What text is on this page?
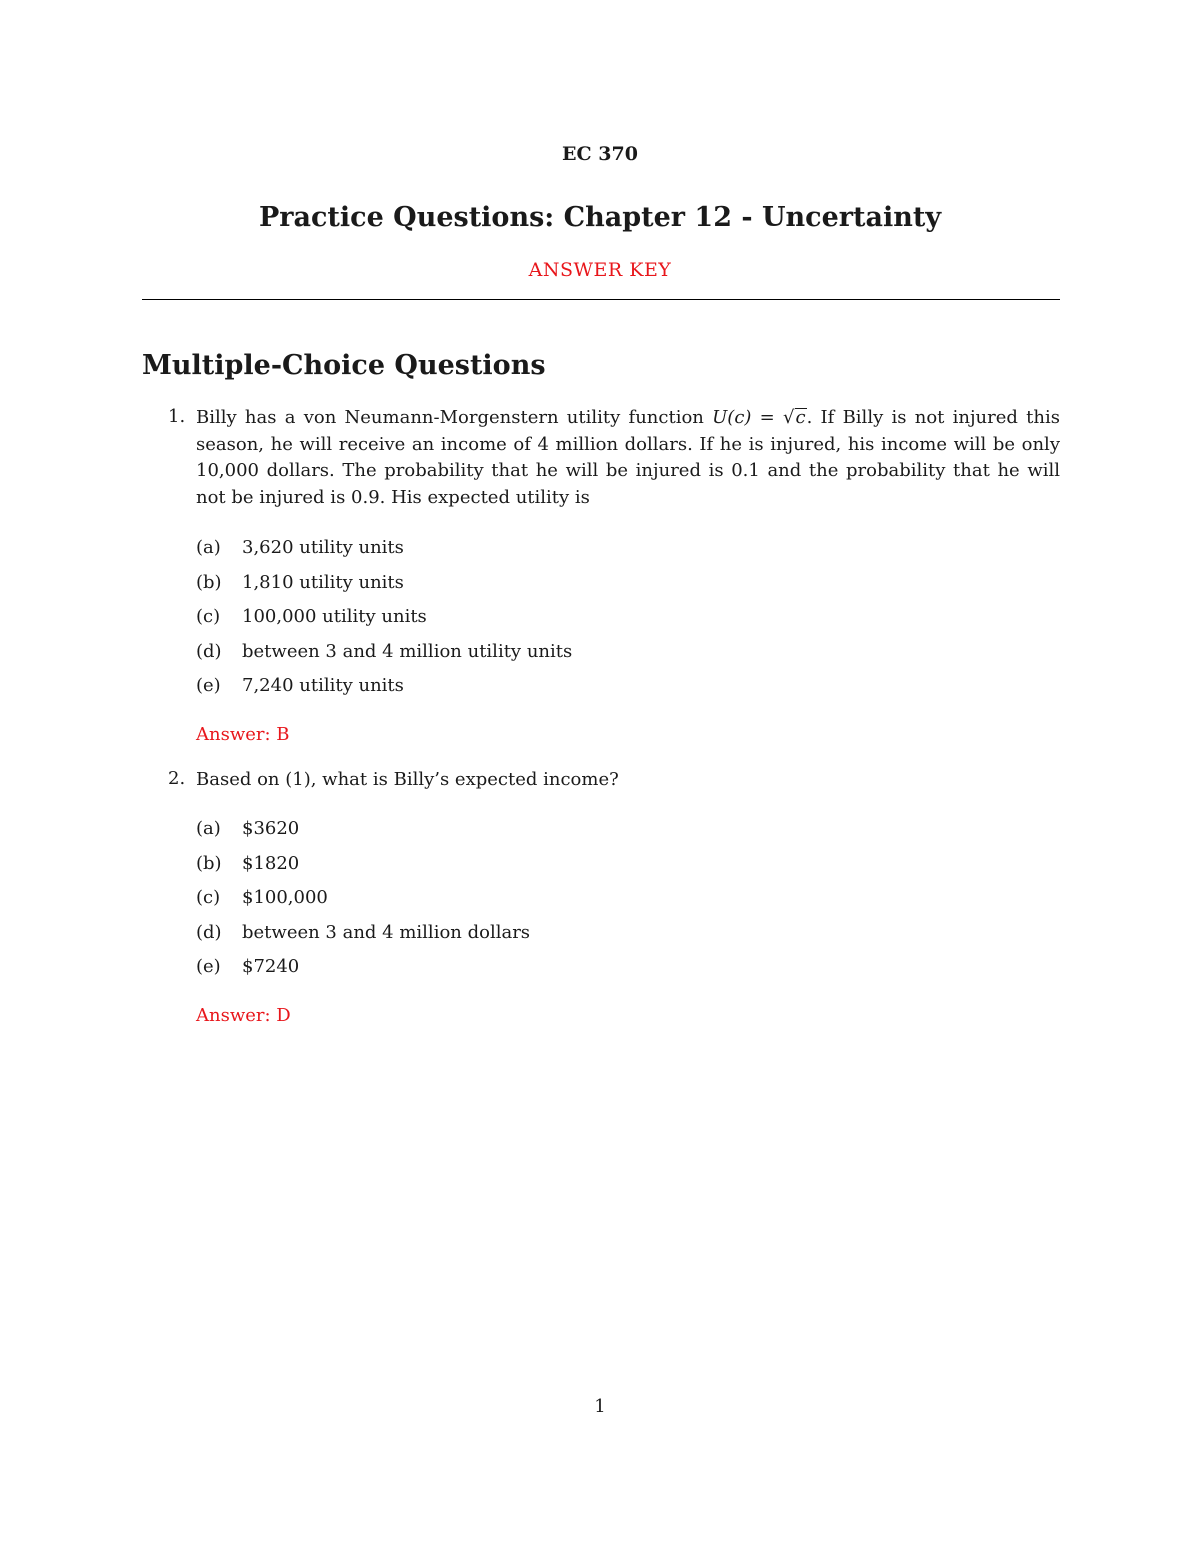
EC 370
Practice Questions: Chapter 12 - Uncertainty
ANSWER KEY
Multiple-Choice Questions
1. Billy has a von Neumann-Morgenstern utility function U(c) = √c. If Billy is not injured this season, he will receive an income of 4 million dollars. If he is injured, his income will be only 10,000 dollars. The probability that he will be injured is 0.1 and the probability that he will not be injured is 0.9. His expected utility is
(a) 3,620 utility units
(b) 1,810 utility units
(c) 100,000 utility units
(d) between 3 and 4 million utility units
(e) 7,240 utility units
Answer: B
2. Based on (1), what is Billy’s expected income?
(a) $3620
(b) $1820
(c) $100,000
(d) between 3 and 4 million dollars
(e) $7240
Answer: D
1
